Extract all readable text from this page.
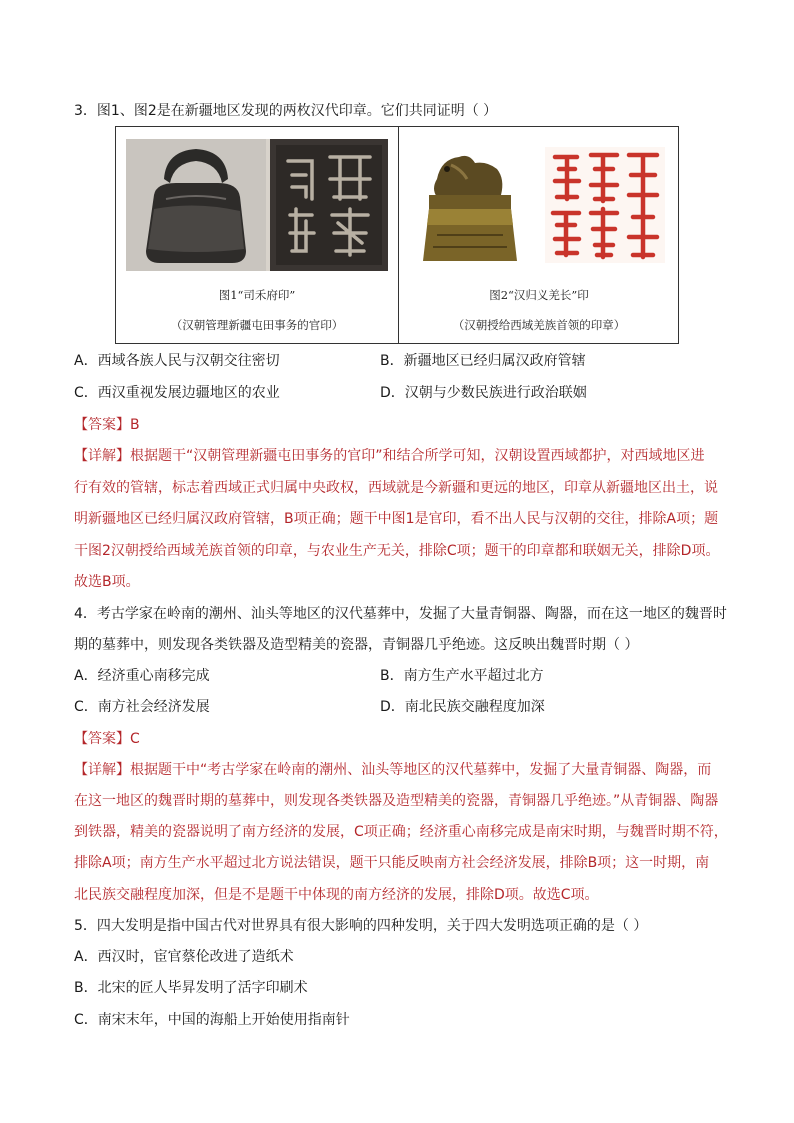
3．图1、图2是在新疆地区发现的两枚汉代印章。它们共同证明（ ）
图1“司禾府印”
（汉朝管理新疆屯田事务的官印）
图2“汉归义羌长”印
（汉朝授给西域羌族首领的印章）
A．西域各族人民与汉朝交往密切	B．新疆地区已经归属汉政府管辖
C．西汉重视发展边疆地区的农业	D．汉朝与少数民族进行政治联姻
【答案】B
【详解】根据题干“汉朝管理新疆屯田事务的官印”和结合所学可知，汉朝设置西域都护，对西域地区进
行有效的管辖，标志着西域正式归属中央政权，西域就是今新疆和更远的地区，印章从新疆地区出土，说
明新疆地区已经归属汉政府管辖，B项正确；题干中图1是官印，看不出人民与汉朝的交往，排除A项；题
干图2汉朝授给西域羌族首领的印章，与农业生产无关，排除C项；题干的印章都和联姻无关，排除D项。
故选B项。
4．考古学家在岭南的潮州、汕头等地区的汉代墓葬中，发掘了大量青铜器、陶器，而在这一地区的魏晋时
期的墓葬中，则发现各类铁器及造型精美的瓷器，青铜器几乎绝迹。这反映出魏晋时期（ ）
A．经济重心南移完成	B．南方生产水平超过北方
C．南方社会经济发展	D．南北民族交融程度加深
【答案】C
【详解】根据题干中“考古学家在岭南的潮州、汕头等地区的汉代墓葬中，发掘了大量青铜器、陶器，而
在这一地区的魏晋时期的墓葬中，则发现各类铁器及造型精美的瓷器，青铜器几乎绝迹。”从青铜器、陶器
到铁器，精美的瓷器说明了南方经济的发展，C项正确；经济重心南移完成是南宋时期，与魏晋时期不符，
排除A项；南方生产水平超过北方说法错误，题干只能反映南方社会经济发展，排除B项；这一时期，南
北民族交融程度加深，但是不是题干中体现的南方经济的发展，排除D项。故选C项。
5．四大发明是指中国古代对世界具有很大影响的四种发明，关于四大发明选项正确的是（ ）
A．西汉时，宦官蔡伦改进了造纸术
B．北宋的匠人毕昇发明了活字印刷术
C．南宋末年，中国的海船上开始使用指南针
